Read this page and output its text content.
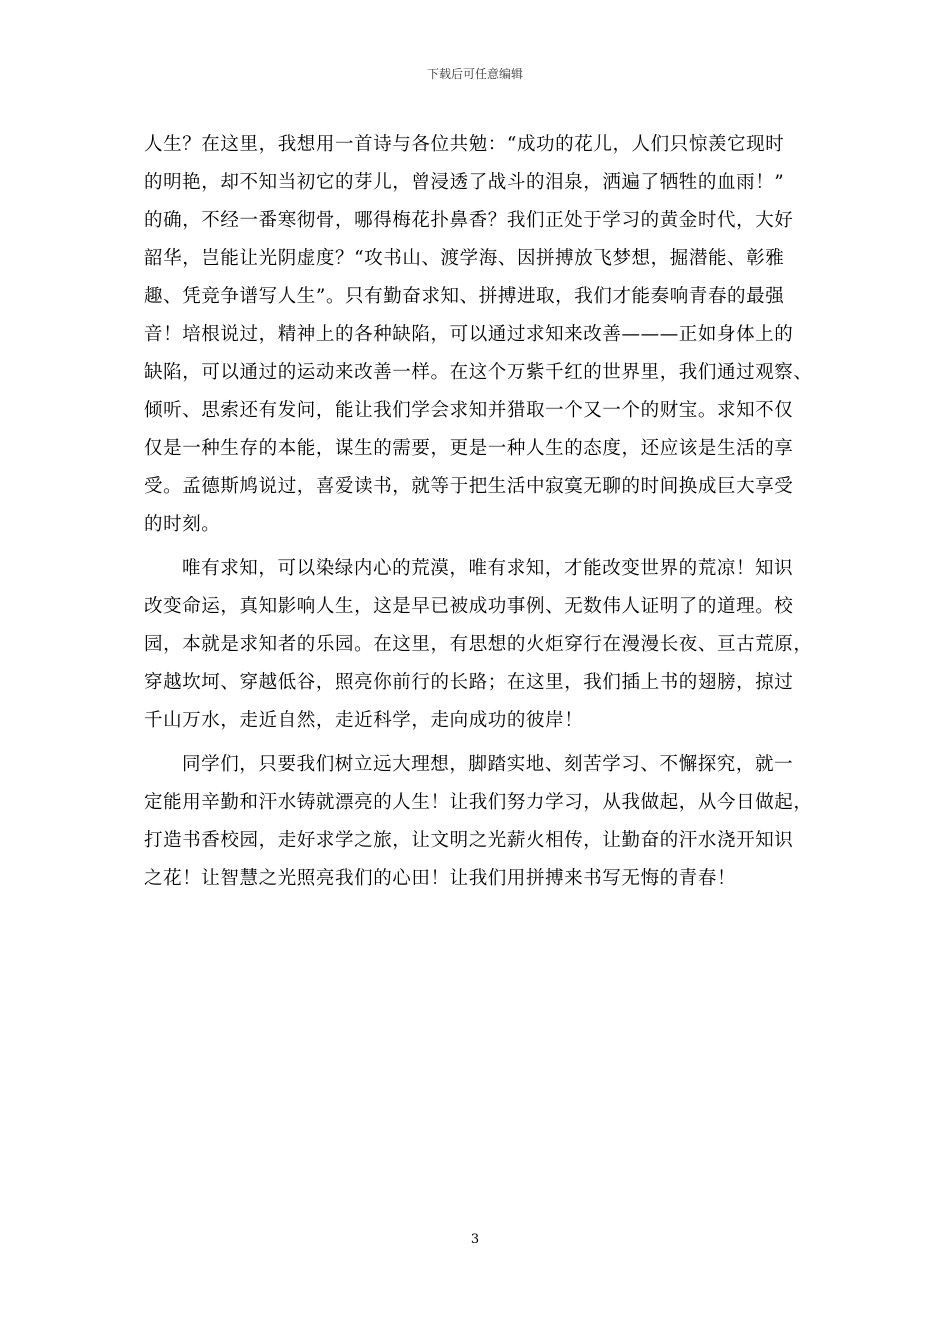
下载后可任意编辑
人生？在这里，我想用一首诗与各位共勉：“成功的花儿，人们只惊羡它现时
的明艳，却不知当初它的芽儿，曾浸透了战斗的泪泉，洒遍了牺牲的血雨！”
的确，不经一番寒彻骨，哪得梅花扑鼻香？我们正处于学习的黄金时代，大好
韶华，岂能让光阴虚度？“攻书山、渡学海、因拼搏放飞梦想，掘潜能、彰雅
趣、凭竞争谱写人生”。只有勤奋求知、拼搏进取，我们才能奏响青春的最强
音！培根说过，精神上的各种缺陷，可以通过求知来改善———正如身体上的
缺陷，可以通过的运动来改善一样。在这个万紫千红的世界里，我们通过观察、
倾听、思索还有发问，能让我们学会求知并猎取一个又一个的财宝。求知不仅
仅是一种生存的本能，谋生的需要，更是一种人生的态度，还应该是生活的享
受。孟德斯鸠说过，喜爱读书，就等于把生活中寂寞无聊的时间换成巨大享受
的时刻。
唯有求知，可以染绿内心的荒漠，唯有求知，才能改变世界的荒凉！知识
改变命运，真知影响人生，这是早已被成功事例、无数伟人证明了的道理。校
园，本就是求知者的乐园。在这里，有思想的火炬穿行在漫漫长夜、亘古荒原，
穿越坎坷、穿越低谷，照亮你前行的长路；在这里，我们插上书的翅膀，掠过
千山万水，走近自然，走近科学，走向成功的彼岸！
同学们，只要我们树立远大理想，脚踏实地、刻苦学习、不懈探究，就一
定能用辛勤和汗水铸就漂亮的人生！让我们努力学习，从我做起，从今日做起，
打造书香校园，走好求学之旅，让文明之光薪火相传，让勤奋的汗水浇开知识
之花！让智慧之光照亮我们的心田！让我们用拼搏来书写无悔的青春！
3
